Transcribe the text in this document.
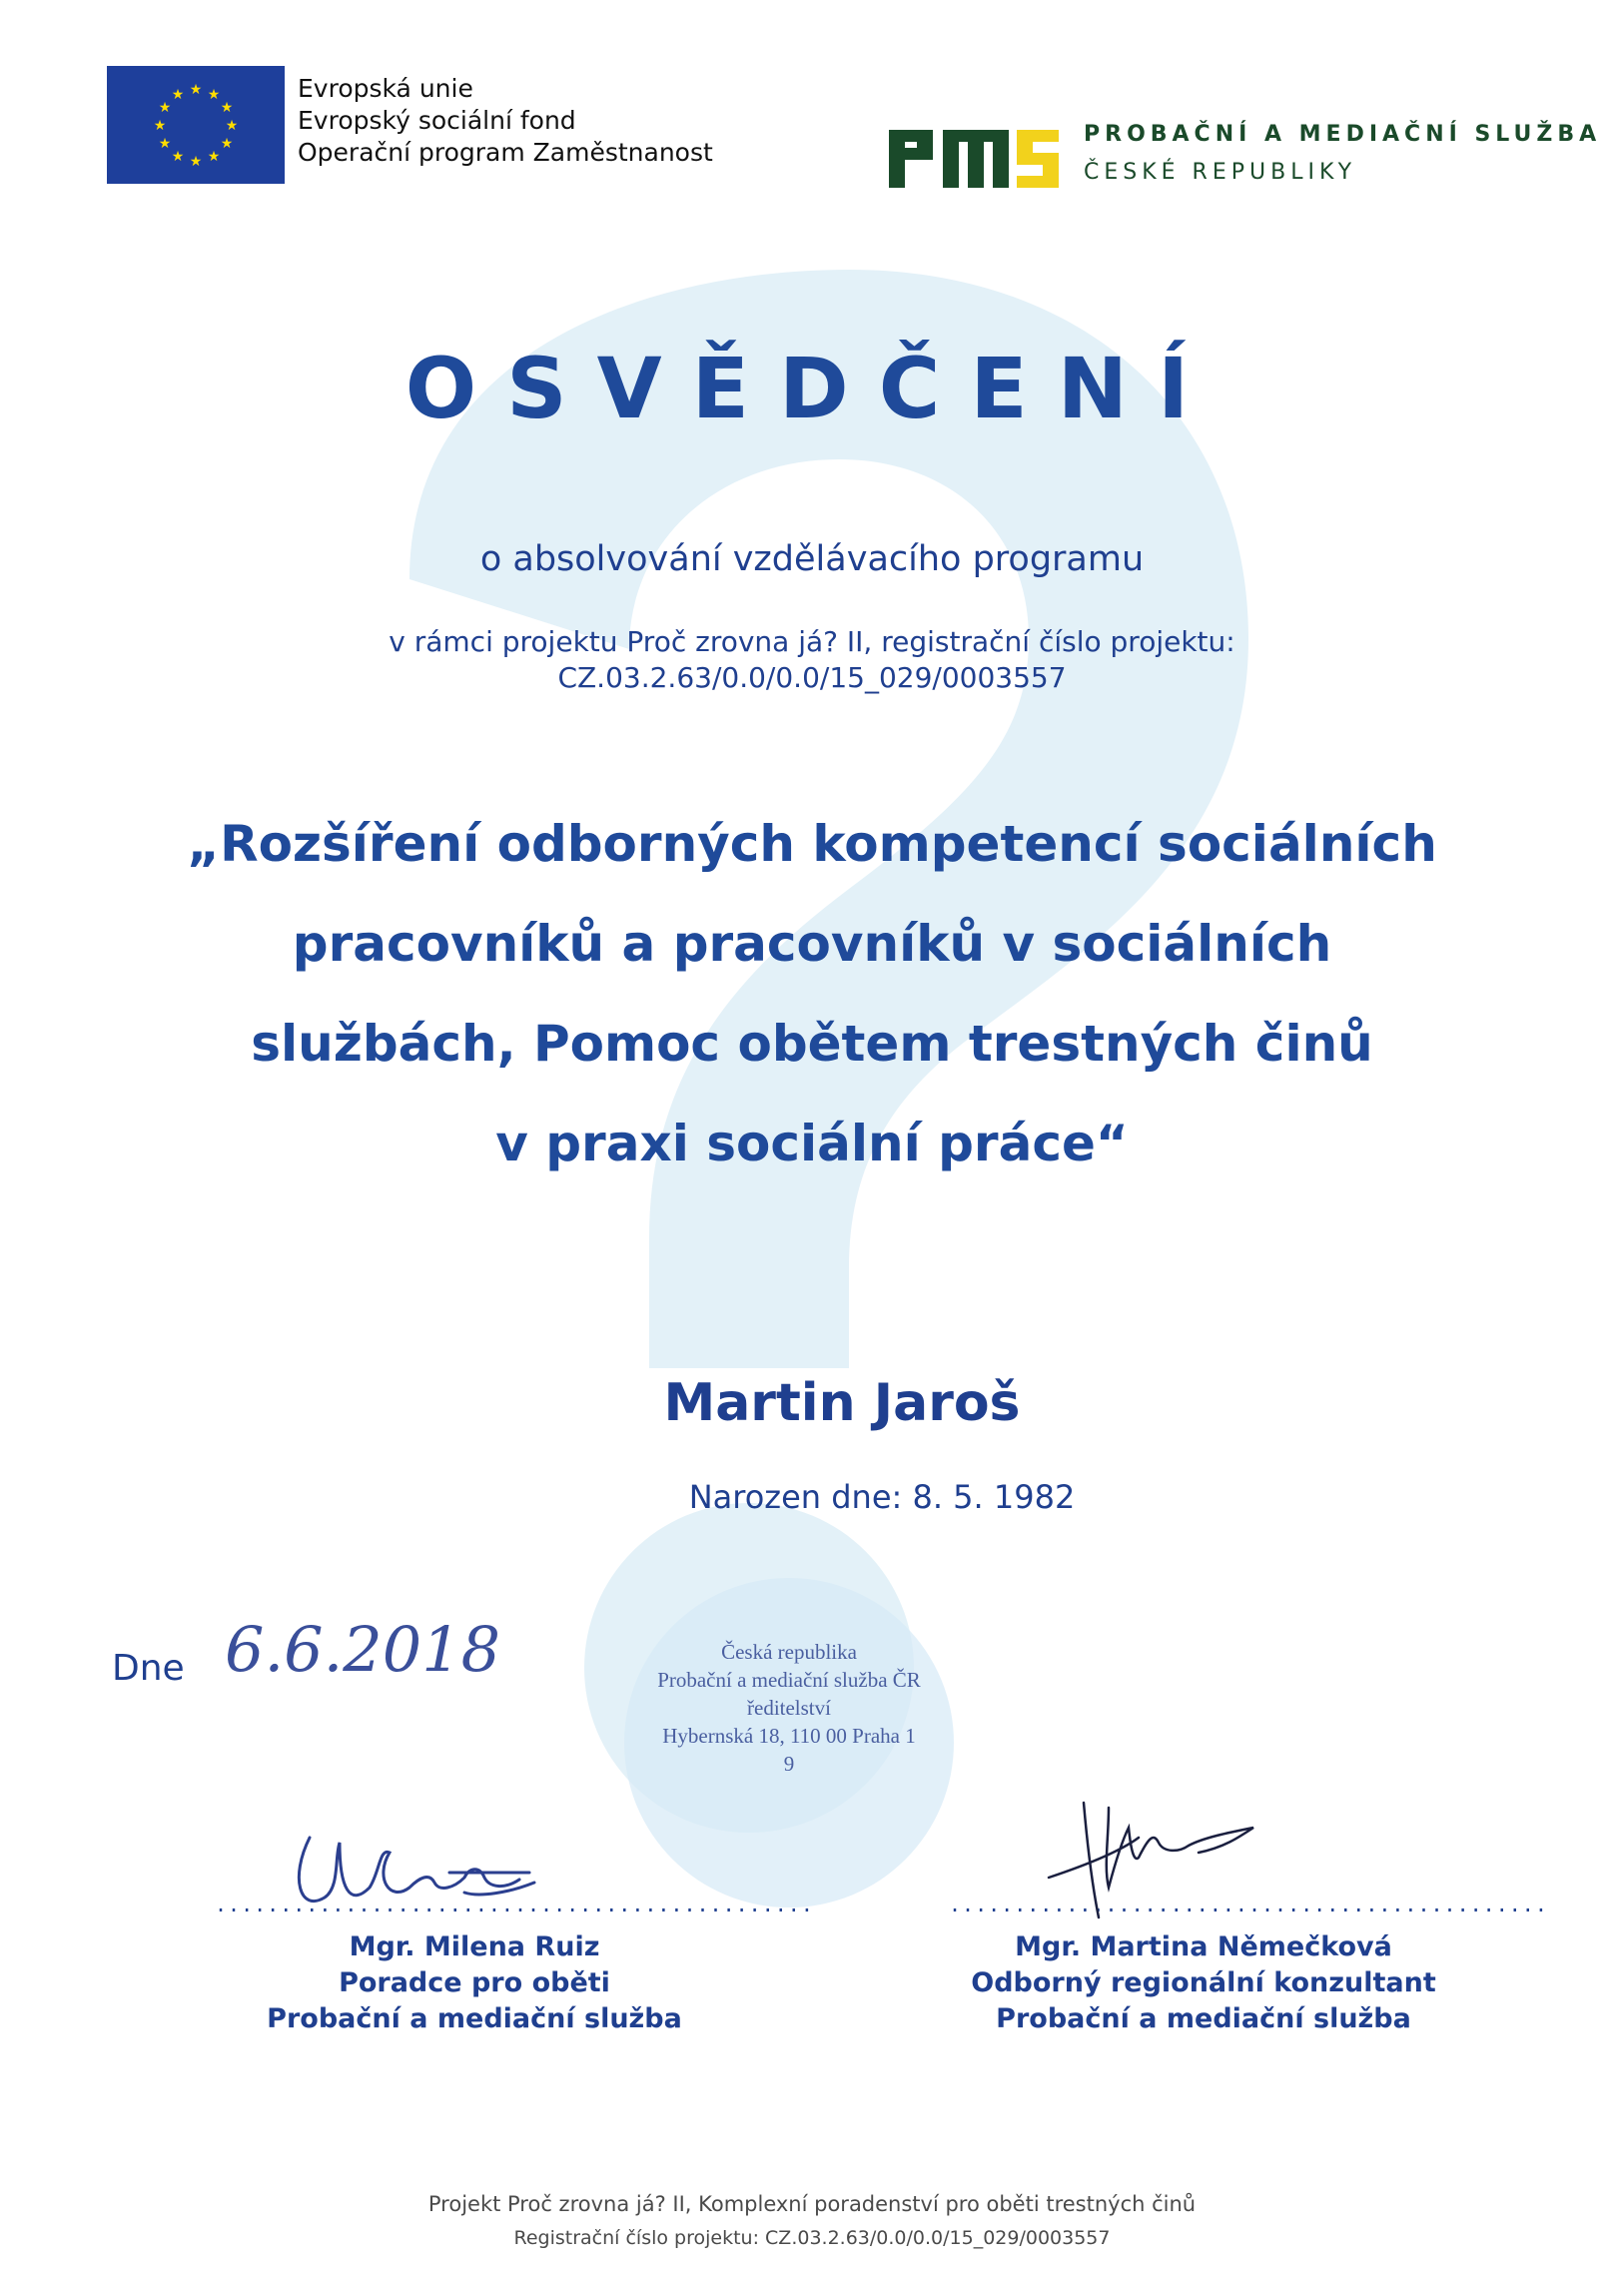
★ ★
★
★
★
★
★
★
★
★
★
★	Evropská unie
Evropský sociální fond
Operační program Zaměstnanost
PROBAČNÍ A MEDIAČNÍ SLUŽBA
ČESKÉ REPUBLIKY
OSVĚDČENÍ
o absolvování vzdělávacího programu
v rámci projektu Proč zrovna já? II, registrační číslo projektu:
CZ.03.2.63/0.0/0.0/15_029/0003557
„Rozšíření odborných kompetencí sociálních
pracovníků a pracovníků v sociálních
službách, Pomoc obětem trestných činů
v praxi sociální práce“
Martin Jaroš
Narozen dne: 8. 5. 1982
Dne 6.6.2018	Česká republika
Probační a mediační služba ČR
ředitelství
Hybernská 18, 110 00 Praha 1
9
..............................................
Mgr. Milena Ruiz
Poradce pro oběti
Probační a mediační služba
..............................................
Mgr. Martina Němečková
Odborný regionální konzultant
Probační a mediační služba
Projekt Proč zrovna já? II, Komplexní poradenství pro oběti trestných činů
Registrační číslo projektu: CZ.03.2.63/0.0/0.0/15_029/0003557
